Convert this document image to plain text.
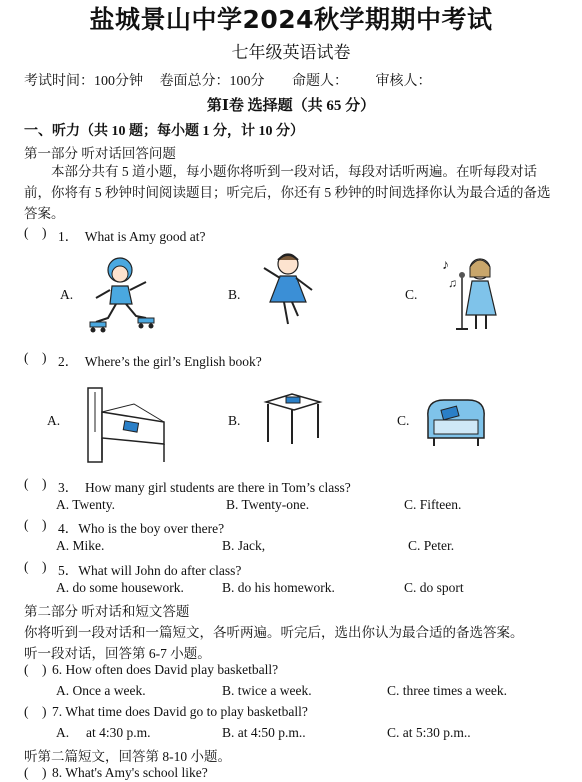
盐城景山中学2024秋学期期中考试
七年级英语试卷
考试时间：100分钟   卷面总分：100分     命题人：     审核人：
第Ⅰ卷 选择题（共 65 分）
一、听力（共 10 题；每小题 1 分，计 10 分）
第一部分 听对话回答问题
本部分共有 5 道小题，每小题你将听到一段对话，每段对话听两遍。在听每段对话前，你将有 5 秒钟时间阅读题目；听完后，你还有 5 秒钟的时间选择你认为最合适的备选答案。
(    ) 1．  What is Amy good at?
A.	B.	C.
♪
♫
(    ) 2．  Where’s the girl’s English book?
A.	B.	C.
(    ) 3．  How many girl students are there in Tom’s class?
A. Twenty.	B. Twenty-one.	C. Fifteen.
(    ) 4．Who is the boy over there?
A. Mike.	B. Jack,	C. Peter.
(    ) 5．What will John do after class?
A. do some housework.	B. do his homework.	C. do sport
第二部分 听对话和短文答题
你将听到一段对话和一篇短文，各听两遍。听完后，选出你认为最合适的备选答案。
听一段对话，回答第 6-7 小题。
(    ) 6. How often does David play basketball?
A. Once a week.	B. twice a week.	C. three times a week.
(    ) 7. What time does David go to play basketball?
A.     at 4:30 p.m.	B. at 4:50 p.m..	C. at 5:30 p.m..
听第二篇短文，回答第 8-10 小题。
(    ) 8. What's Amy's school like?
